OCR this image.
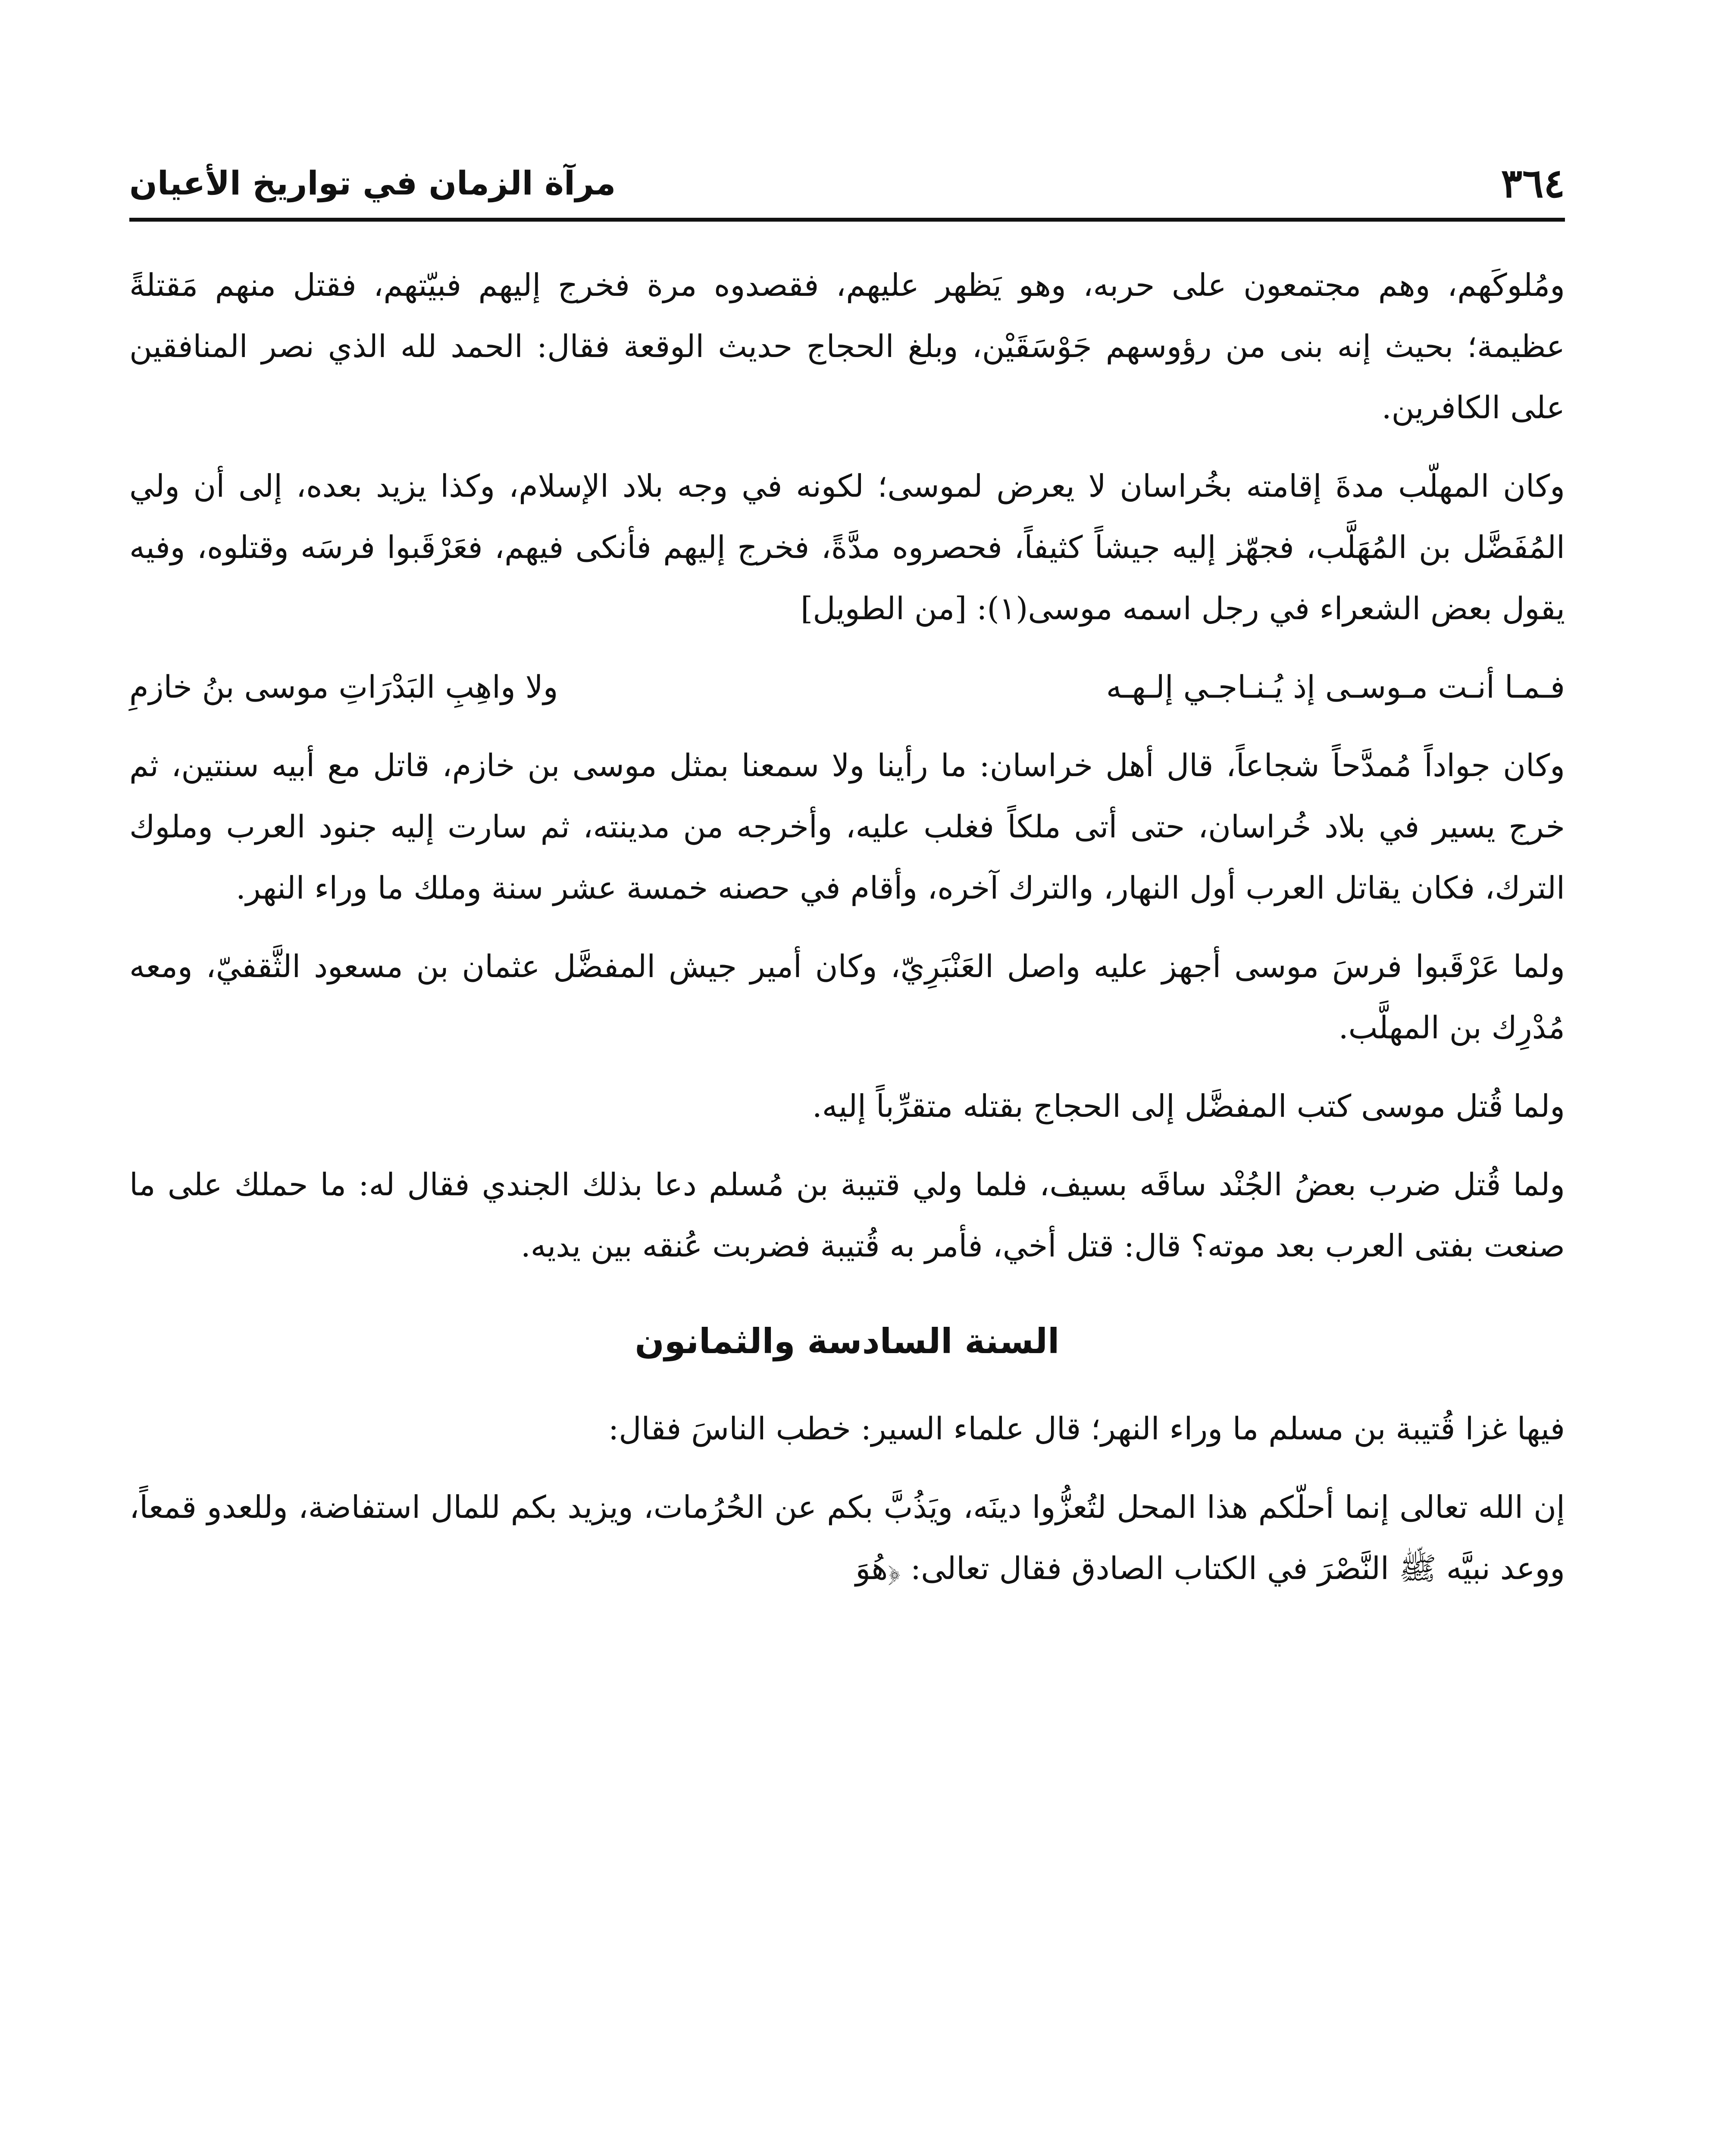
٣٦٤
مرآة الزمان في تواريخ الأعيان

ومُلوكَهم، وهم مجتمعون على حربه، وهو يَظهر عليهم، فقصدوه مرة فخرج إليهم فبيّتهم، فقتل منهم مَقتلةً عظيمة؛ بحيث إنه بنى من رؤوسهم جَوْسَقَيْن، وبلغ الحجاج حديث الوقعة فقال: الحمد لله الذي نصر المنافقين على الكافرين.

وكان المهلّب مدةَ إقامته بخُراسان لا يعرض لموسى؛ لكونه في وجه بلاد الإسلام، وكذا يزيد بعده، إلى أن ولي المُفَضَّل بن المُهَلَّب، فجهّز إليه جيشاً كثيفاً، فحصروه مدَّةً، فخرج إليهم فأنكى فيهم، فعَرْقَبوا فرسَه وقتلوه، وفيه يقول بعض الشعراء في رجل اسمه موسى(١): [من الطويل]

فـمـا أنـت مـوسـى إذ يُـنـاجـي إلـهـه
ولا واهِبِ البَدْرَاتِ موسى بنُ خازمِ

وكان جواداً مُمدَّحاً شجاعاً، قال أهل خراسان: ما رأينا ولا سمعنا بمثل موسى بن خازم، قاتل مع أبيه سنتين، ثم خرج يسير في بلاد خُراسان، حتى أتى ملكاً فغلب عليه، وأخرجه من مدينته، ثم سارت إليه جنود العرب وملوك الترك، فكان يقاتل العرب أول النهار، والترك آخره، وأقام في حصنه خمسة عشر سنة وملك ما وراء النهر.

ولما عَرْقَبوا فرسَ موسى أجهز عليه واصل العَنْبَرِيّ، وكان أمير جيش المفضَّل عثمان بن مسعود الثَّقفيّ، ومعه مُدْرِك بن المهلَّب.

ولما قُتل موسى كتب المفضَّل إلى الحجاج بقتله متقرِّباً إليه.

ولما قُتل ضرب بعضُ الجُنْد ساقَه بسيف، فلما ولي قتيبة بن مُسلم دعا بذلك الجندي فقال له: ما حملك على ما صنعت بفتى العرب بعد موته؟ قال: قتل أخي، فأمر به قُتيبة فضربت عُنقه بين يديه.

السنة السادسة والثمانون

فيها غزا قُتيبة بن مسلم ما وراء النهر؛ قال علماء السير: خطب الناسَ فقال:

إن الله تعالى إنما أحلّكم هذا المحل لتُعزُّوا دينَه، ويَذُبَّ بكم عن الحُرُمات، ويزيد بكم للمال استفاضة، وللعدو قمعاً، ووعد نبيَّه ﷺ النَّصْرَ في الكتاب الصادق فقال تعالى: ﴿هُوَ
